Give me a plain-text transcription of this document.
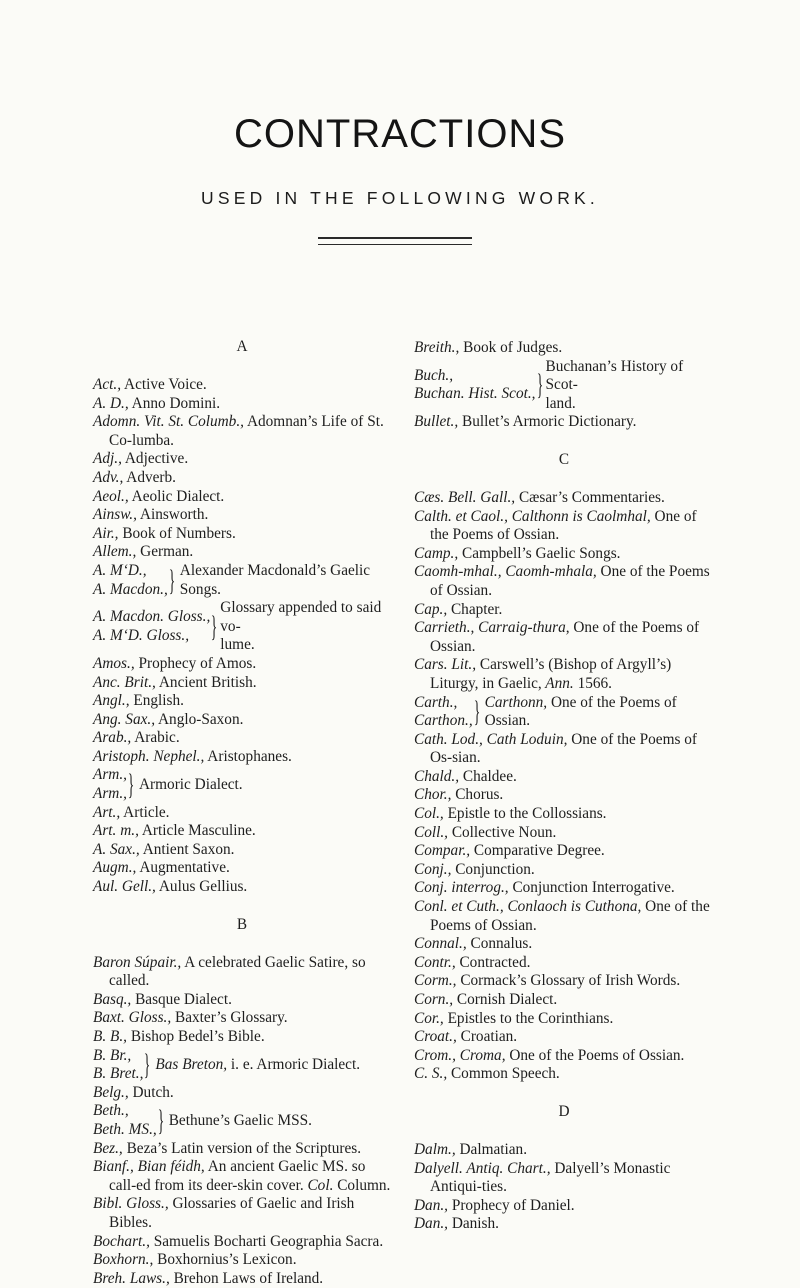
CONTRACTIONS
USED IN THE FOLLOWING WORK.
A
Act., Active Voice.
A. D., Anno Domini.
Adomn. Vit. St. Columb., Adomnan’s Life of St. Co-lumba.
Adj., Adjective.
Adv., Adverb.
Aeol., Aeolic Dialect.
Ainsw., Ainsworth.
Air., Book of Numbers.
Allem., German.
A. M‘D.,
A. Macdon., } Alexander Macdonald’s Gaelic Songs.
A. Macdon. Gloss.,
A. M‘D. Gloss., }
Glossary appended to said vo-
lume.
Amos., Prophecy of Amos.
Anc. Brit., Ancient British.
Angl., English.
Ang. Sax., Anglo-Saxon.
Arab., Arabic.
Aristoph. Nephel., Aristophanes.
Arm.,
Arm., } Armoric Dialect.
Art., Article.
Art. m., Article Masculine.
A. Sax., Antient Saxon.
Augm., Augmentative.
Aul. Gell., Aulus Gellius.
B
Baron Súpair., A celebrated Gaelic Satire, so called.
Basq., Basque Dialect.
Baxt. Gloss., Baxter’s Glossary.
B. B., Bishop Bedel’s Bible.
B. Br.,
B. Bret., } Bas Breton, i. e. Armoric Dialect.
Belg., Dutch.
Beth.,
Beth. MS., } Bethune’s Gaelic MSS.
Bez., Beza’s Latin version of the Scriptures.
Bianf., Bian féidh, An ancient Gaelic MS. so call-ed from its deer-skin cover. Col. Column.
Bibl. Gloss., Glossaries of Gaelic and Irish Bibles.
Bochart., Samuelis Bocharti Geographia Sacra.
Boxhorn., Boxhornius’s Lexicon.
Breh. Laws., Brehon Laws of Ireland.
Breith., Book of Judges.
Buch.,
Buchan. Hist. Scot., }
Buchanan’s History of Scot-
land.
Bullet., Bullet’s Armoric Dictionary.
C
Cæs. Bell. Gall., Cæsar’s Commentaries.
Calth. et Caol., Calthonn is Caolmhal, One of the Poems of Ossian.
Camp., Campbell’s Gaelic Songs.
Caomh-mhal., Caomh-mhala, One of the Poems of Ossian.
Cap., Chapter.
Carrieth., Carraig-thura, One of the Poems of Ossian.
Cars. Lit., Carswell’s (Bishop of Argyll’s) Liturgy, in Gaelic, Ann. 1566.
Carth.,
Carthon., } Carthonn, One of the Poems of Ossian.
Cath. Lod., Cath Loduin, One of the Poems of Os-sian.
Chald., Chaldee.
Chor., Chorus.
Col., Epistle to the Collossians.
Coll., Collective Noun.
Compar., Comparative Degree.
Conj., Conjunction.
Conj. interrog., Conjunction Interrogative.
Conl. et Cuth., Conlaoch is Cuthona, One of the Poems of Ossian.
Connal., Connalus.
Contr., Contracted.
Corm., Cormack’s Glossary of Irish Words.
Corn., Cornish Dialect.
Cor., Epistles to the Corinthians.
Croat., Croatian.
Crom., Croma, One of the Poems of Ossian.
C. S., Common Speech.
D
Dalm., Dalmatian.
Dalyell. Antiq. Chart., Dalyell’s Monastic Antiqui-ties.
Dan., Prophecy of Daniel.
Dan., Danish.
